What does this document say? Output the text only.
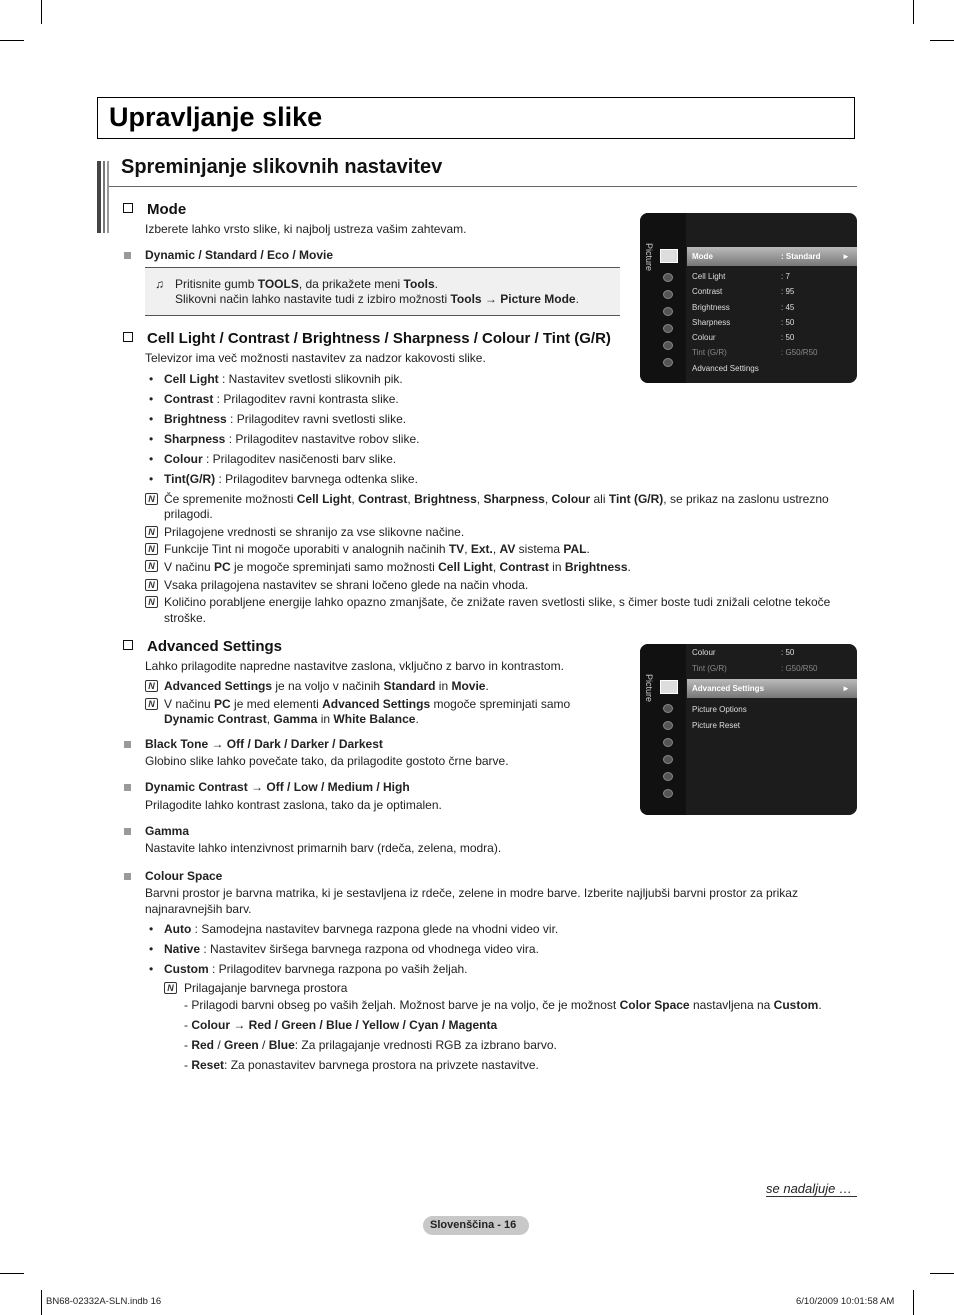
Upravljanje slike
Spreminjanje slikovnih nastavitev
Mode
Izberete lahko vrsto slike, ki najbolj ustreza vašim zahtevam.
Dynamic / Standard / Eco / Movie
♫ Pritisnite gumb TOOLS, da prikažete meni Tools.
Slikovni način lahko nastavite tudi z izbiro možnosti Tools → Picture Mode.
Picture	Mode	: Standard	►
Cell Light	: 7
Contrast	: 95
Brightness	: 45
Sharpness	: 50
Colour	: 50
Tint (G/R)	: G50/R50
Advanced Settings
Cell Light / Contrast / Brightness / Sharpness / Colour / Tint (G/R)
Televizor ima več možnosti nastavitev za nadzor kakovosti slike.
• Cell Light : Nastavitev svetlosti slikovnih pik.
• Contrast : Prilagoditev ravni kontrasta slike.
• Brightness : Prilagoditev ravni svetlosti slike.
• Sharpness : Prilagoditev nastavitve robov slike.
• Colour : Prilagoditev nasičenosti barv slike.
• Tint(G/R) : Prilagoditev barvnega odtenka slike.
N Če spremenite možnosti Cell Light, Contrast, Brightness, Sharpness, Colour ali Tint (G/R), se prikaz na zaslonu ustrezno
prilagodi.
N Prilagojene vrednosti se shranijo za vse slikovne načine.
N Funkcije Tint ni mogoče uporabiti v analognih načinih TV, Ext., AV sistema PAL.
N V načinu PC je mogoče spreminjati samo možnosti Cell Light, Contrast in Brightness.
N Vsaka prilagojena nastavitev se shrani ločeno glede na način vhoda.
N Količino porabljene energije lahko opazno zmanjšate, če znižate raven svetlosti slike, s čimer boste tudi znižali celotne tekoče
stroške.
Advanced Settings
Lahko prilagodite napredne nastavitve zaslona, vključno z barvo in kontrastom.
N Advanced Settings je na voljo v načinih Standard in Movie.
N V načinu PC je med elementi Advanced Settings mogoče spreminjati samo
Dynamic Contrast, Gamma in White Balance.
Black Tone → Off / Dark / Darker / Darkest
Globino slike lahko povečate tako, da prilagodite gostoto črne barve.
Dynamic Contrast → Off / Low / Medium / High
Prilagodite lahko kontrast zaslona, tako da je optimalen.
Gamma
Nastavite lahko intenzivnost primarnih barv (rdeča, zelena, modra).
Colour Space
Barvni prostor je barvna matrika, ki je sestavljena iz rdeče, zelene in modre barve. Izberite najljubši barvni prostor za prikaz
najnaravnejših barv.
• Auto : Samodejna nastavitev barvnega razpona glede na vhodni video vir.
• Native : Nastavitev širšega barvnega razpona od vhodnega video vira.
• Custom : Prilagoditev barvnega razpona po vaših željah.
N Prilagajanje barvnega prostora
- Prilagodi barvni obseg po vaših željah. Možnost barve je na voljo, če je možnost Color Space nastavljena na Custom.
- Colour → Red / Green / Blue / Yellow / Cyan / Magenta
- Red / Green / Blue: Za prilagajanje vrednosti RGB za izbrano barvo.
- Reset: Za ponastavitev barvnega prostora na privzete nastavitve.
Picture
Colour	: 50
Tint (G/R)	: G50/R50
Advanced Settings	►
Picture Options
Picture Reset
se nadaljuje …
Slovenščina - 16
BN68-02332A-SLN.indb 16	6/10/2009 10:01:58 AM
